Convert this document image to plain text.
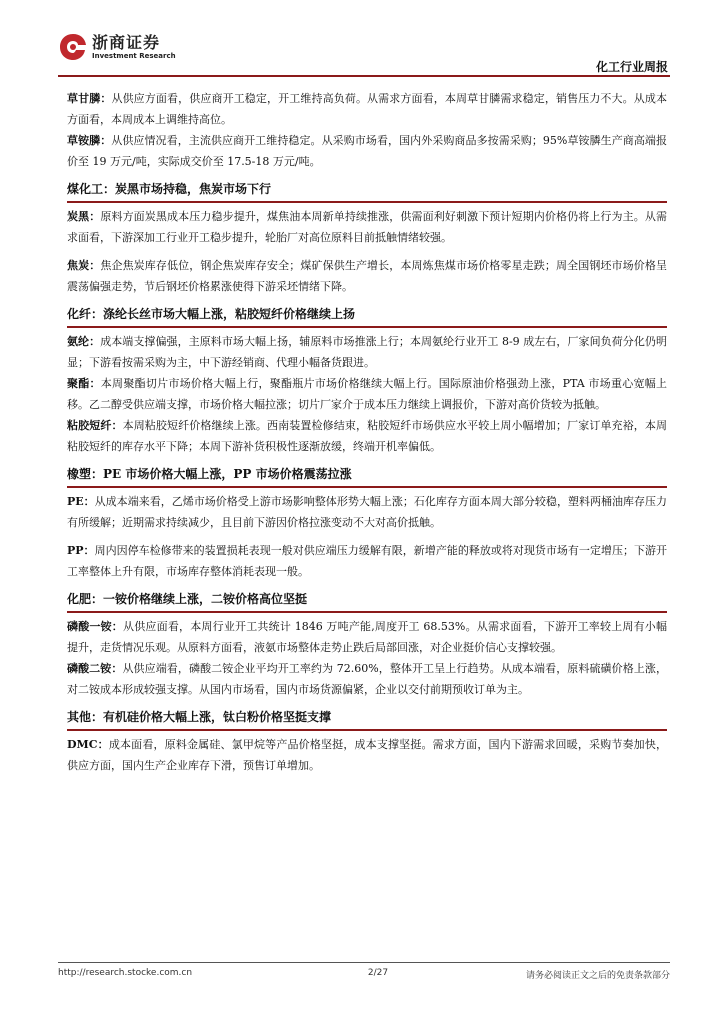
浙商证券
Investment Research
化工行业周报

草甘膦：从供应方面看，供应商开工稳定，开工维持高负荷。从需求方面看，本周草甘膦需求稳定，销售压力不大。从成本方面看，本周成本上调维持高位。

草铵膦：从供应情况看，主流供应商开工维持稳定。从采购市场看，国内外采购商品多按需采购；95%草铵膦生产商高端报价至 19 万元/吨，实际成交价至 17.5-18 万元/吨。

煤化工：炭黑市场持稳，焦炭市场下行

炭黑：原料方面炭黑成本压力稳步提升，煤焦油本周新单持续推涨，供需面利好刺激下预计短期内价格仍将上行为主。从需求面看，下游深加工行业开工稳步提升，轮胎厂对高位原料目前抵触情绪较强。

焦炭：焦企焦炭库存低位，钢企焦炭库存安全；煤矿保供生产增长，本周炼焦煤市场价格零星走跌；周全国钢坯市场价格呈震荡偏强走势，节后钢坯价格累涨使得下游采坯情绪下降。

化纤：涤纶长丝市场大幅上涨，粘胶短纤价格继续上扬

氨纶：成本端支撑偏强，主原料市场大幅上扬，辅原料市场推涨上行；本周氨纶行业开工 8-9 成左右，厂家间负荷分化仍明显；下游看按需采购为主，中下游经销商、代理小幅备货跟进。

聚酯：本周聚酯切片市场价格大幅上行，聚酯瓶片市场价格继续大幅上行。国际原油价格强劲上涨，PTA 市场重心宽幅上移。乙二醇受供应端支撑，市场价格大幅拉涨；切片厂家介于成本压力继续上调报价，下游对高价货较为抵触。

粘胶短纤：本周粘胶短纤价格继续上涨。西南装置检修结束，粘胶短纤市场供应水平较上周小幅增加；厂家订单充裕，本周粘胶短纤的库存水平下降；本周下游补货积极性逐渐放缓，终端开机率偏低。

橡塑：PE 市场价格大幅上涨，PP 市场价格震荡拉涨

PE：从成本端来看，乙烯市场价格受上游市场影响整体形势大幅上涨；石化库存方面本周大部分较稳，塑料两桶油库存压力有所缓解；近期需求持续减少，且目前下游因价格拉涨变动不大对高价抵触。

PP：周内因停车检修带来的装置损耗表现一般对供应端压力缓解有限，新增产能的释放或将对现货市场有一定增压；下游开工率整体上升有限，市场库存整体消耗表现一般。

化肥：一铵价格继续上涨，二铵价格高位坚挺

磷酸一铵：从供应面看，本周行业开工共统计 1846 万吨产能,周度开工 68.53%。从需求面看，下游开工率较上周有小幅提升，走货情况乐观。从原料方面看，液氨市场整体走势止跌后局部回涨，对企业挺价信心支撑较强。

磷酸二铵：从供应端看，磷酸二铵企业平均开工率约为 72.60%，整体开工呈上行趋势。从成本端看，原料硫磺价格上涨，对二铵成本形成较强支撑。从国内市场看，国内市场货源偏紧，企业以交付前期预收订单为主。

其他：有机硅价格大幅上涨，钛白粉价格坚挺支撑

DMC：成本面看，原料金属硅、氯甲烷等产品价格坚挺，成本支撑坚挺。需求方面，国内下游需求回暖，采购节奏加快，供应方面，国内生产企业库存下滑，预售订单增加。

http://research.stocke.com.cn	2/27	请务必阅读正文之后的免责条款部分
